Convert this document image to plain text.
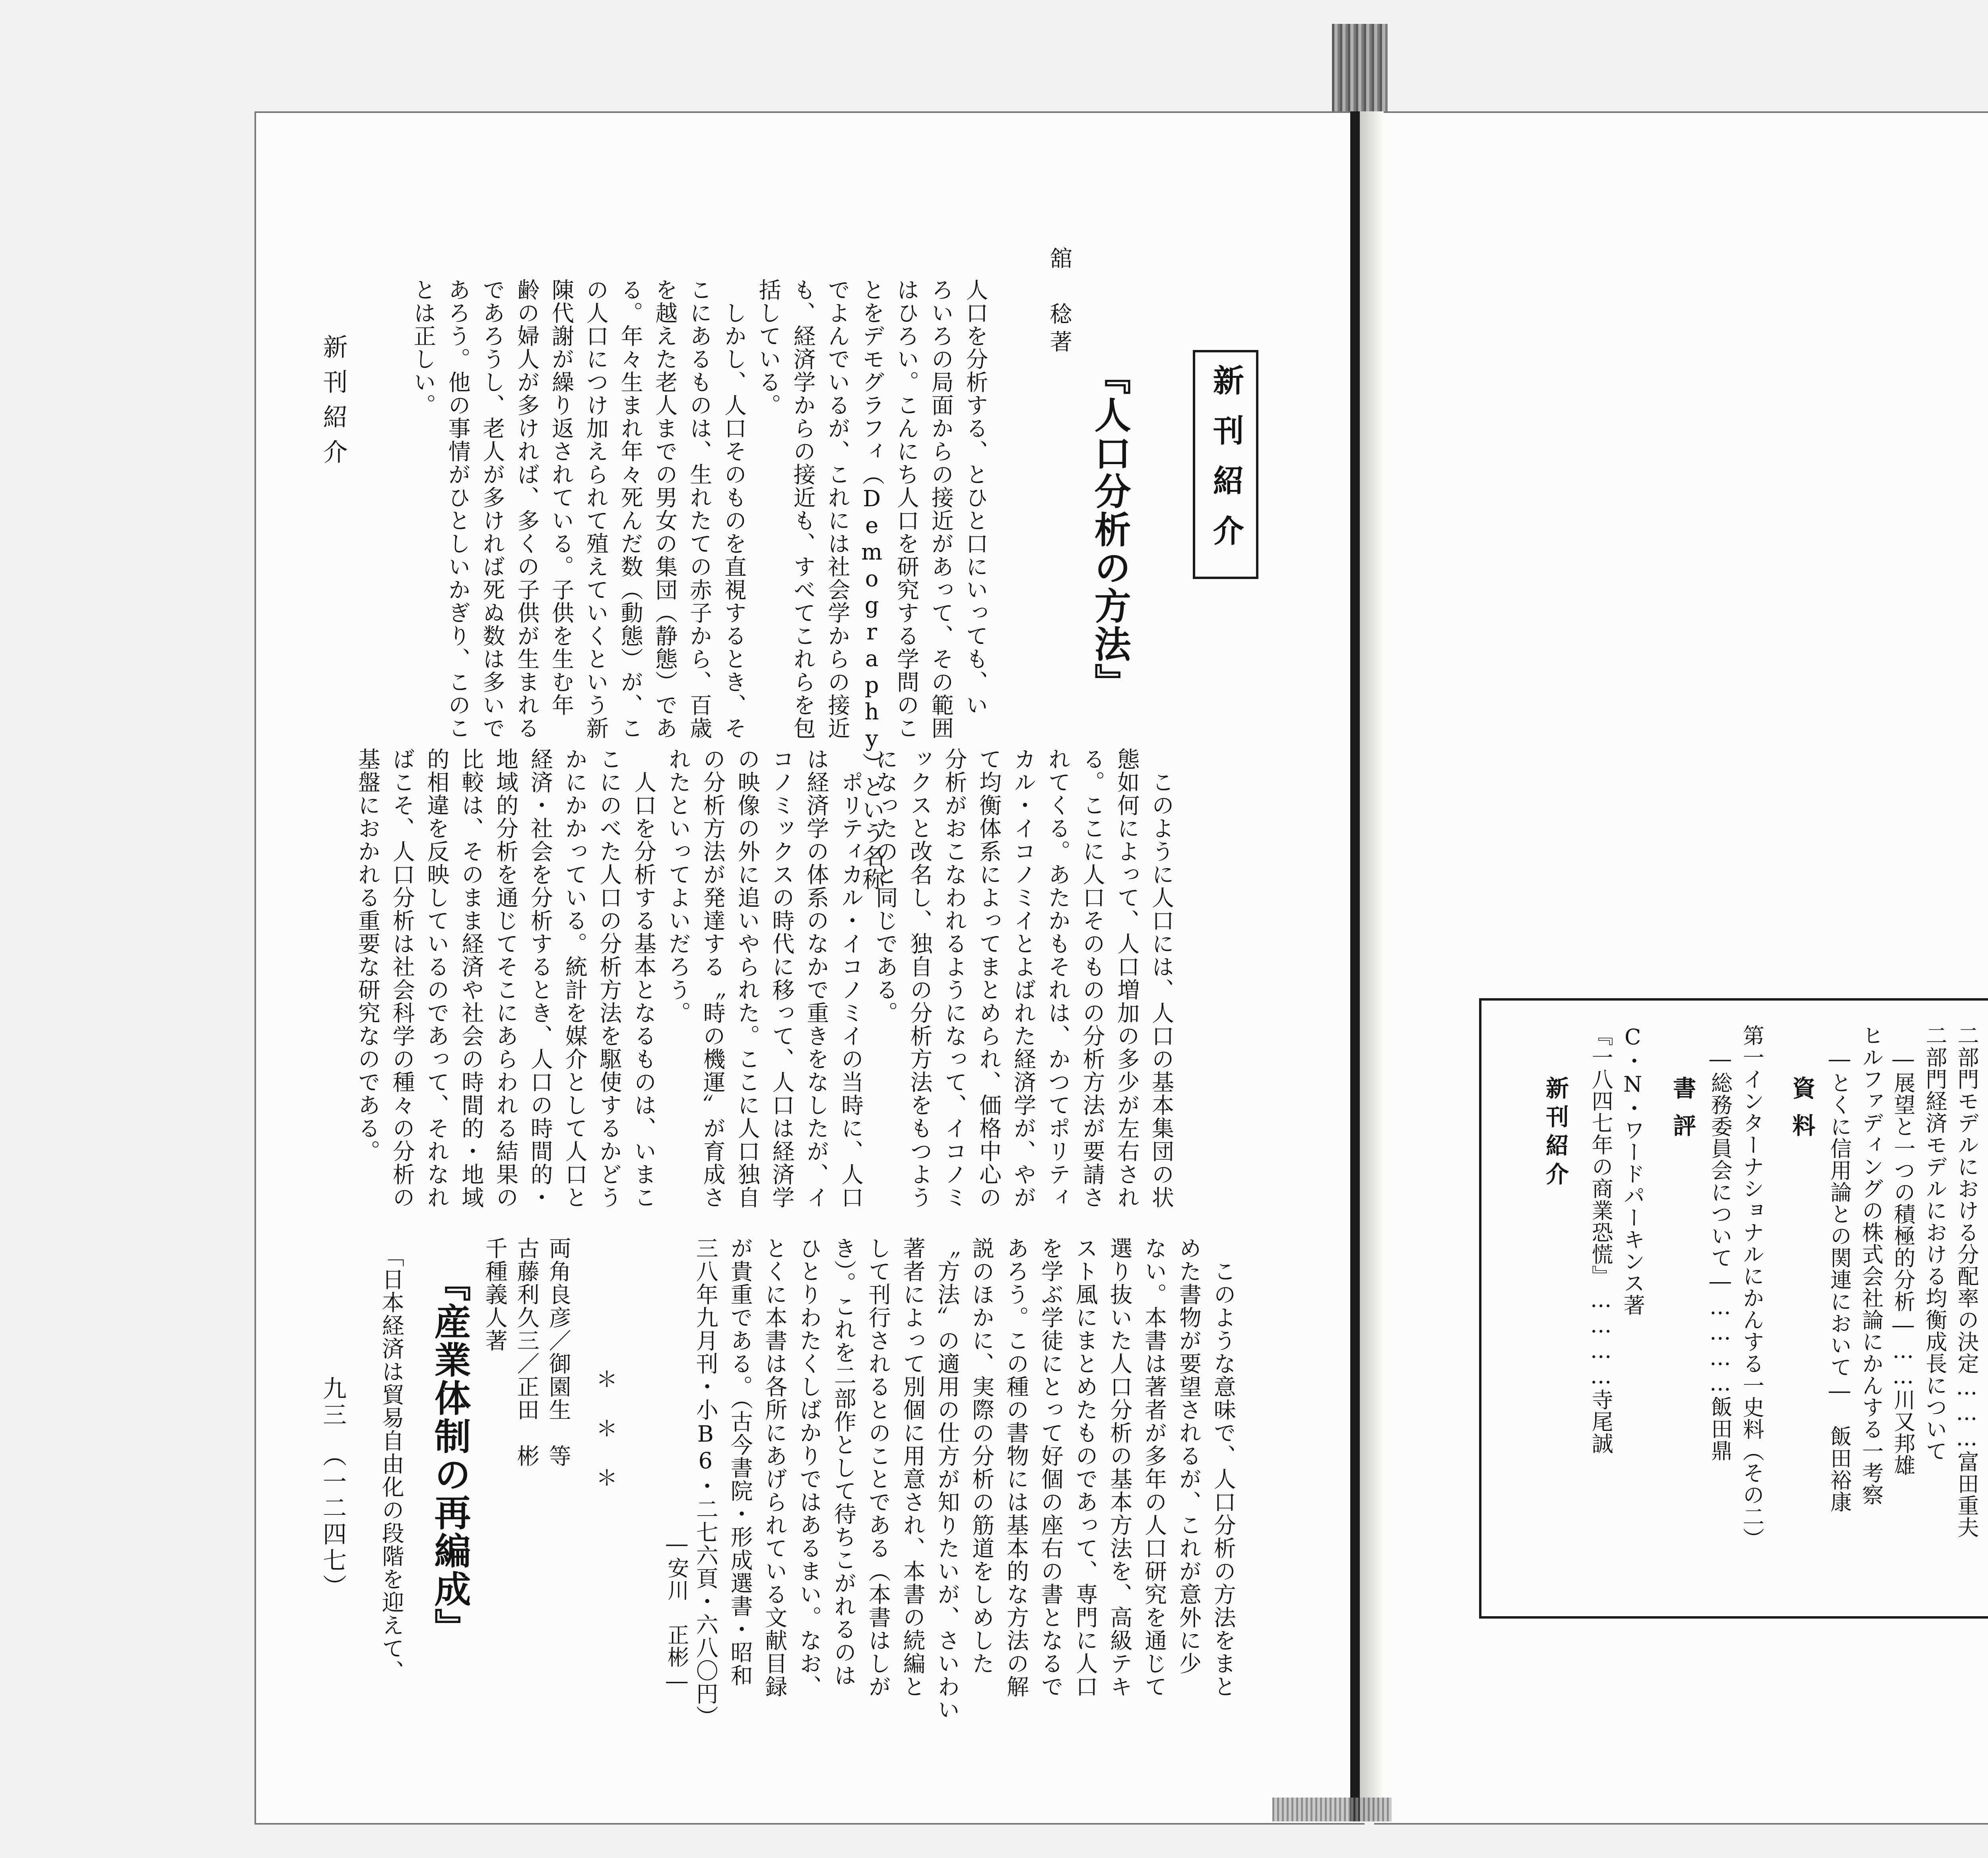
二部門モデルにおける分配率の決定………富田重夫
二部門経済モデルにおける均衡成長について
　―展望と一つの積極的分析―……川又邦雄
ヒルファディングの株式会社論にかんする一考察
　―とくに信用論との関連において―　飯田裕康
資料
第一インターナショナルにかんする一史料（その二）
　―総務委員会について―…………飯田鼎
書評
C・N・ワードパーキンス著
『一八四七年の商業恐慌』…………寺尾誠
新刊紹介
新刊紹介
『人口分析の方法』
舘　稔著
人口を分析する、とひと口にいっても、い
ろいろの局面からの接近があって、その範囲
はひろい。こんにち人口を研究する学問のこ
とをデモグラフィ（Demography）という名称
でよんでいるが、これには社会学からの接近
も、経済学からの接近も、すべてこれらを包
括している。
　しかし、人口そのものを直視するとき、そ
こにあるものは、生れたての赤子から、百歳
を越えた老人までの男女の集団（静態）であ
る。年々生まれ年々死んだ数（動態）が、こ
の人口につけ加えられて殖えていくという新
陳代謝が繰り返されている。子供を生む年
齢の婦人が多ければ、多くの子供が生まれる
であろうし、老人が多ければ死ぬ数は多いで
あろう。他の事情がひとしいかぎり、このこ
とは正しい。
新刊紹介
　このように人口には、人口の基本集団の状
態如何によって、人口増加の多少が左右され
る。ここに人口そのものの分析方法が要請さ
れてくる。あたかもそれは、かつてポリティ
カル・イコノミイとよばれた経済学が、やが
て均衡体系によってまとめられ、価格中心の
分析がおこなわれるようになって、イコノミ
ックスと改名し、独自の分析方法をもつよう
になったのと同じである。
　ポリティカル・イコノミイの当時に、人口
は経済学の体系のなかで重きをなしたが、イ
コノミックスの時代に移って、人口は経済学
の映像の外に追いやられた。ここに人口独自
の分析方法が発達する〝時の機運〟が育成さ
れたといってよいだろう。
　人口を分析する基本となるものは、いまこ
こにのべた人口の分析方法を駆使するかどう
かにかかっている。統計を媒介として人口と
経済・社会を分析するとき、人口の時間的・
地域的分析を通じてそこにあらわれる結果の
比較は、そのまま経済や社会の時間的・地域
的相違を反映しているのであって、それなれ
ばこそ、人口分析は社会科学の種々の分析の
基盤におかれる重要な研究なのである。
　このような意味で、人口分析の方法をまと
めた書物が要望されるが、これが意外に少
ない。本書は著者が多年の人口研究を通じて
選り抜いた人口分析の基本方法を、高級テキ
スト風にまとめたものであって、専門に人口
を学ぶ学徒にとって好個の座右の書となるで
あろう。この種の書物には基本的な方法の解
説のほかに、実際の分析の筋道をしめした
〝方法〟の適用の仕方が知りたいが、さいわい
著者によって別個に用意され、本書の続編と
して刊行されるとのことである（本書はしが
き）。これを二部作として待ちこがれるのは
ひとりわたくしばかりではあるまい。なお、
とくに本書は各所にあげられている文献目録
が貴重である。（古今書院・形成選書・昭和
三八年九月刊・小B6・二七六頁・六八〇円）
―安川　正彬―
＊＊＊
両角良彦／御園生　等
古藤利久三／正田　彬
千種義人著
『産業体制の再編成』
「日本経済は貿易自由化の段階を迎えて、
九三　（一二四七）
